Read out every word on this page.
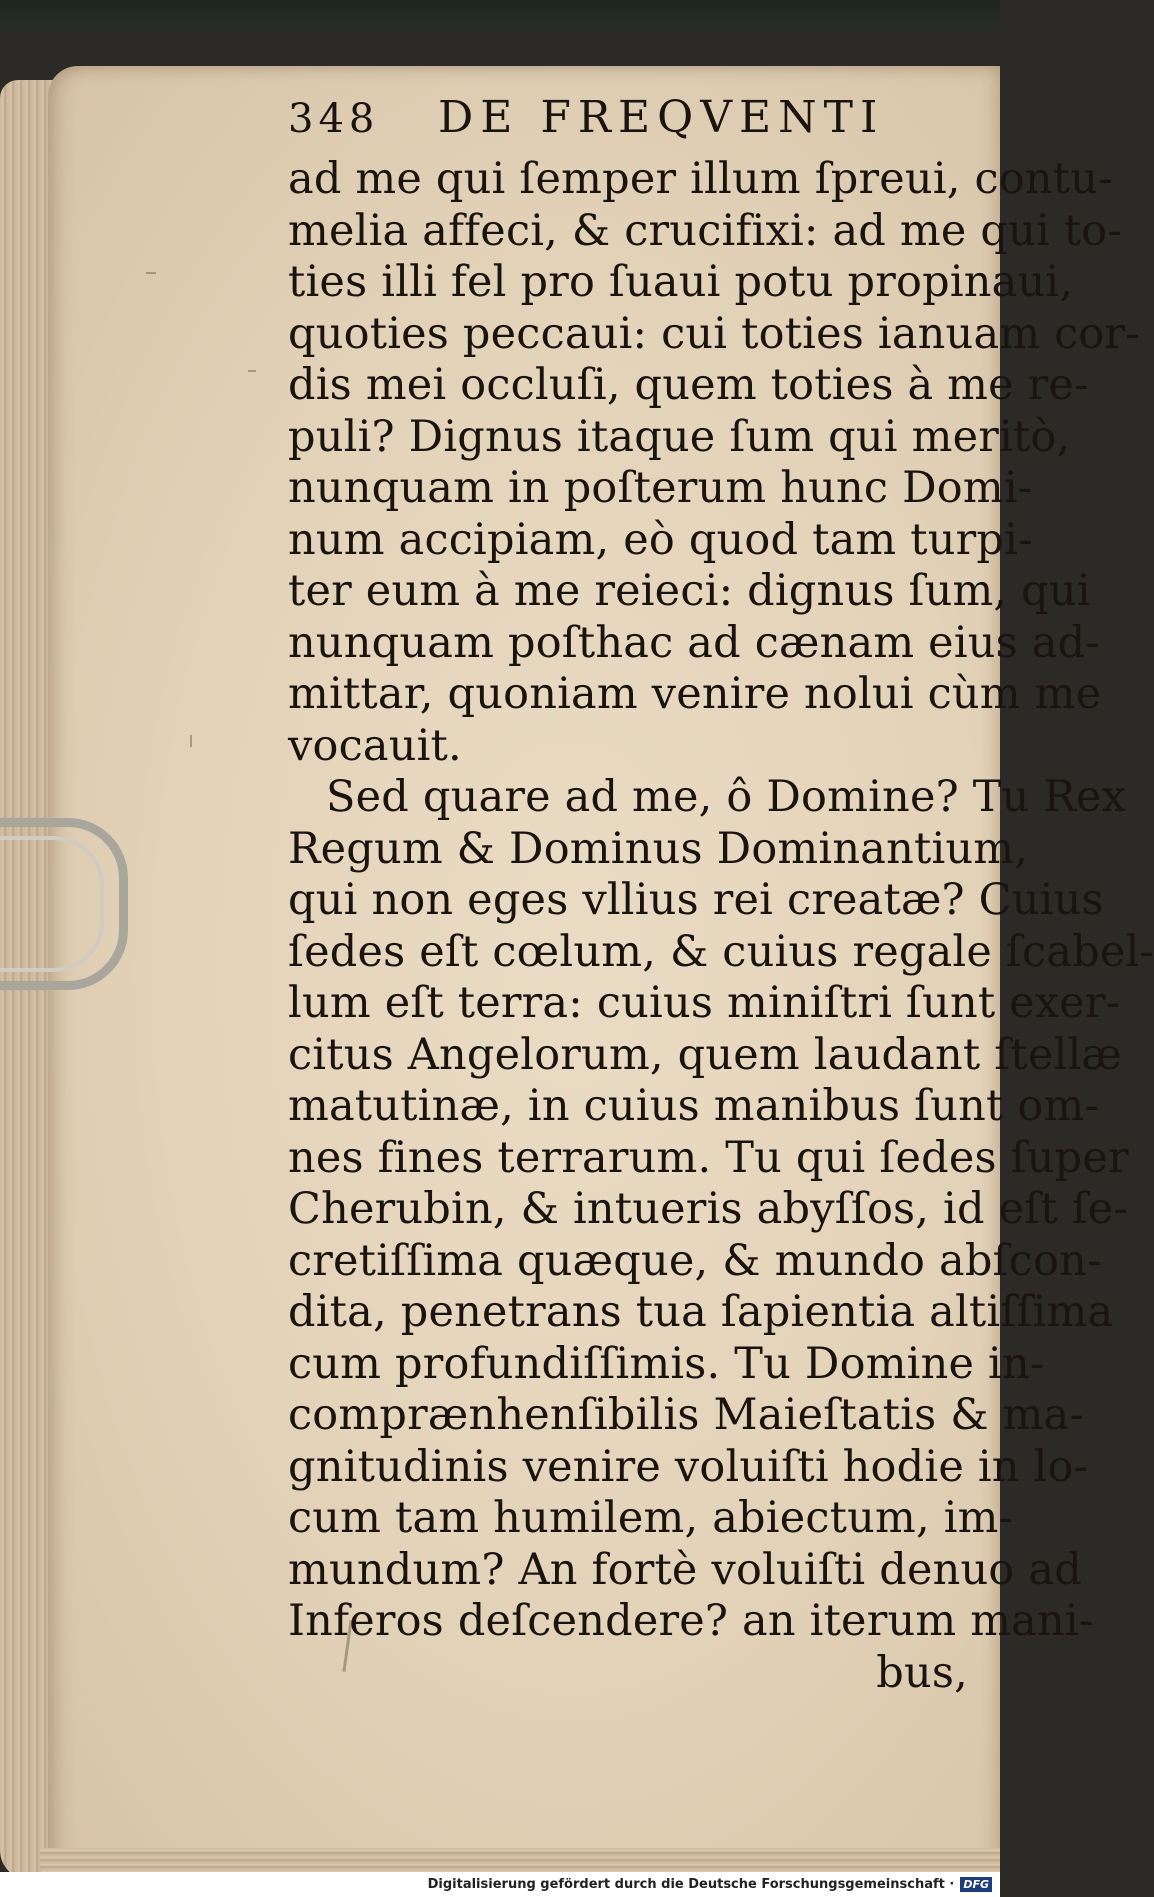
348	DE FREQVENTI
ad me qui ſemper illum ſpreui, contu-
melia affeci, & crucifixi: ad me qui to-
ties illi fel pro ſuaui potu propinaui,
quoties peccaui: cui toties ianuam cor-
dis mei occluſi, quem toties à me re-
puli? Dignus itaque ſum qui meritò,
nunquam in poſterum hunc Domi-
num accipiam, eò quod tam turpi-
ter eum à me reieci: dignus ſum, qui
nunquam poſthac ad cænam eius ad-
mittar, quoniam venire nolui cùm me
vocauit.
Sed quare ad me, ô Domine? Tu Rex
Regum & Dominus Dominantium,
qui non eges vllius rei creatæ? Cuius
ſedes eſt cœlum, & cuius regale ſcabel-
lum eſt terra: cuius miniſtri ſunt exer-
citus Angelorum, quem laudant ſtellæ
matutinæ, in cuius manibus ſunt om-
nes fines terrarum. Tu qui ſedes ſuper
Cherubin, & intueris abyſſos, id eſt ſe-
cretiſſima quæque, & mundo abſcon-
dita, penetrans tua ſapientia altiſſima
cum profundiſſimis. Tu Domine in-
comprænhenſibilis Maieſtatis & ma-
gnitudinis venire voluiſti hodie in lo-
cum tam humilem, abiectum, im-
mundum? An fortè voluiſti denuo ad
Inferos deſcendere? an iterum mani-
bus,
Digitalisierung gefördert durch die Deutsche Forschungsgemeinschaft · DFG
